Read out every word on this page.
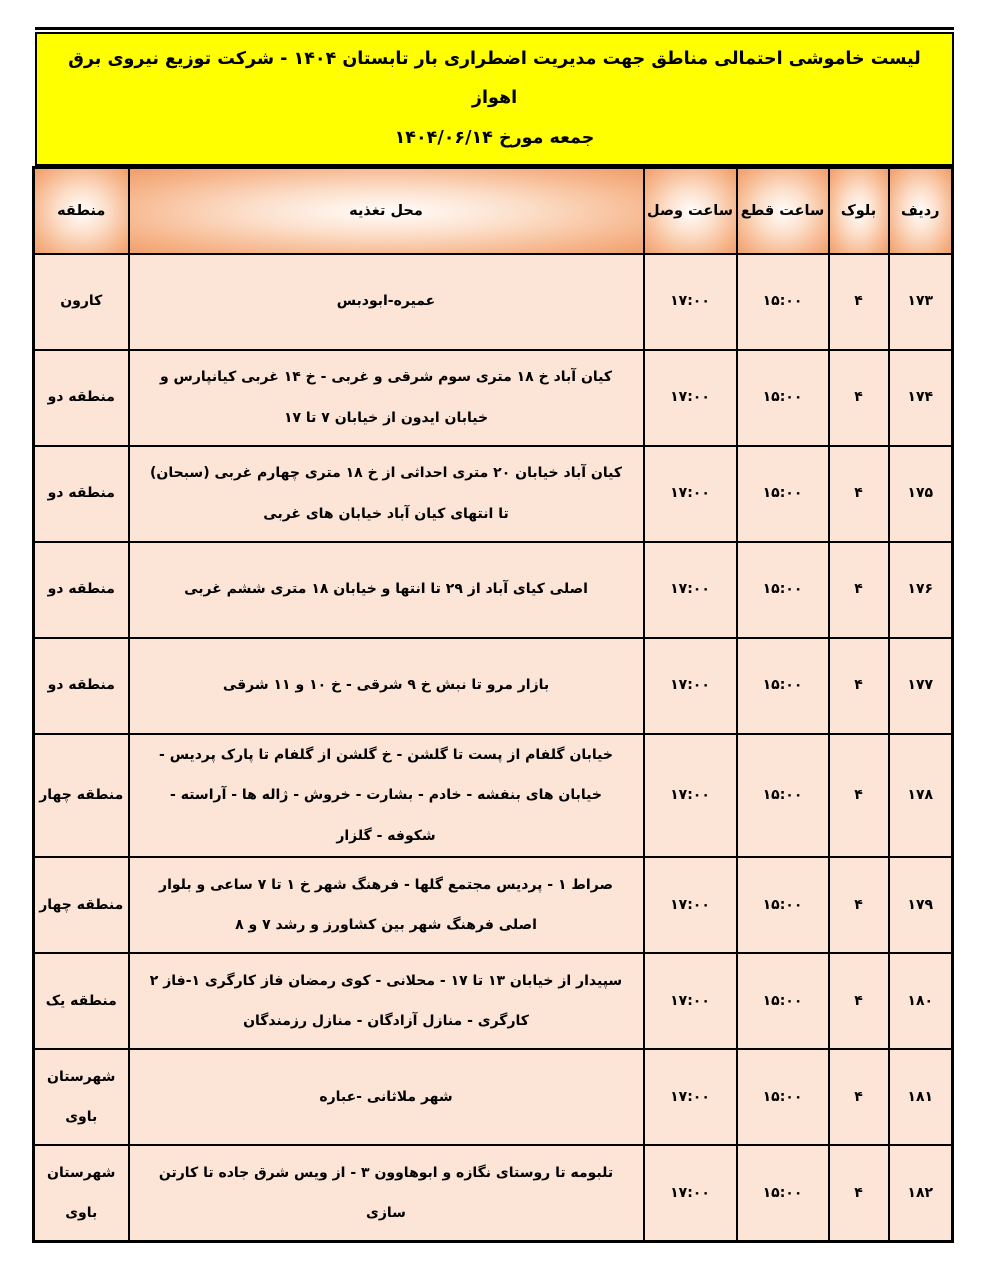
لیست خاموشی احتمالی مناطق جهت مدیریت اضطراری بار تابستان ۱۴۰۴ - شرکت توزیع نیروی برق اهواز
جمعه مورخ ۱۴۰۴/۰۶/۱۴
ردیف	بلوک	ساعت قطع	ساعت وصل	محل تغذیه	منطقه
۱۷۳	۴	۱۵:۰۰	۱۷:۰۰	عمیره-ابودبس	کارون
۱۷۴	۴	۱۵:۰۰	۱۷:۰۰	کیان آباد خ ۱۸ متری سوم شرقی و غربی - خ ۱۴ غربی کیانپارس و خیابان ایدون از خیابان ۷ تا ۱۷	منطقه دو
۱۷۵	۴	۱۵:۰۰	۱۷:۰۰	کیان آباد خیابان ۲۰ متری احداثی از خ ۱۸ متری چهارم غربی (سبحان) تا انتهای کیان آباد خیابان های غربی	منطقه دو
۱۷۶	۴	۱۵:۰۰	۱۷:۰۰	اصلی کیای آباد از ۲۹ تا انتها و خیابان ۱۸ متری ششم غربی	منطقه دو
۱۷۷	۴	۱۵:۰۰	۱۷:۰۰	بازار مرو تا نبش خ ۹ شرقی - خ ۱۰ و ۱۱ شرقی	منطقه دو
۱۷۸	۴	۱۵:۰۰	۱۷:۰۰	خیابان گلفام از پست تا گلشن - خ گلشن از گلفام تا پارک پردیس - خیابان های بنفشه - خادم - بشارت - خروش - ژاله ها - آراسته - شکوفه - گلزار	منطقه چهار
۱۷۹	۴	۱۵:۰۰	۱۷:۰۰	صراط ۱ - پردیس مجتمع گلها - فرهنگ شهر خ ۱ تا ۷ ساعی و بلوار اصلی فرهنگ شهر بین کشاورز و رشد ۷ و ۸	منطقه چهار
۱۸۰	۴	۱۵:۰۰	۱۷:۰۰	سپیدار از خیابان ۱۳ تا ۱۷ - محلانی - کوی رمضان فاز کارگری ۱-فاز ۲ کارگری - منازل آزادگان - منازل رزمندگان	منطقه یک
۱۸۱	۴	۱۵:۰۰	۱۷:۰۰	شهر ملاثانی -عباره	شهرستان باوی
۱۸۲	۴	۱۵:۰۰	۱۷:۰۰	تلبومه تا روستای نگازه و ابوهاوون ۳ - از ویس شرق جاده تا کارتن سازی	شهرستان باوی
